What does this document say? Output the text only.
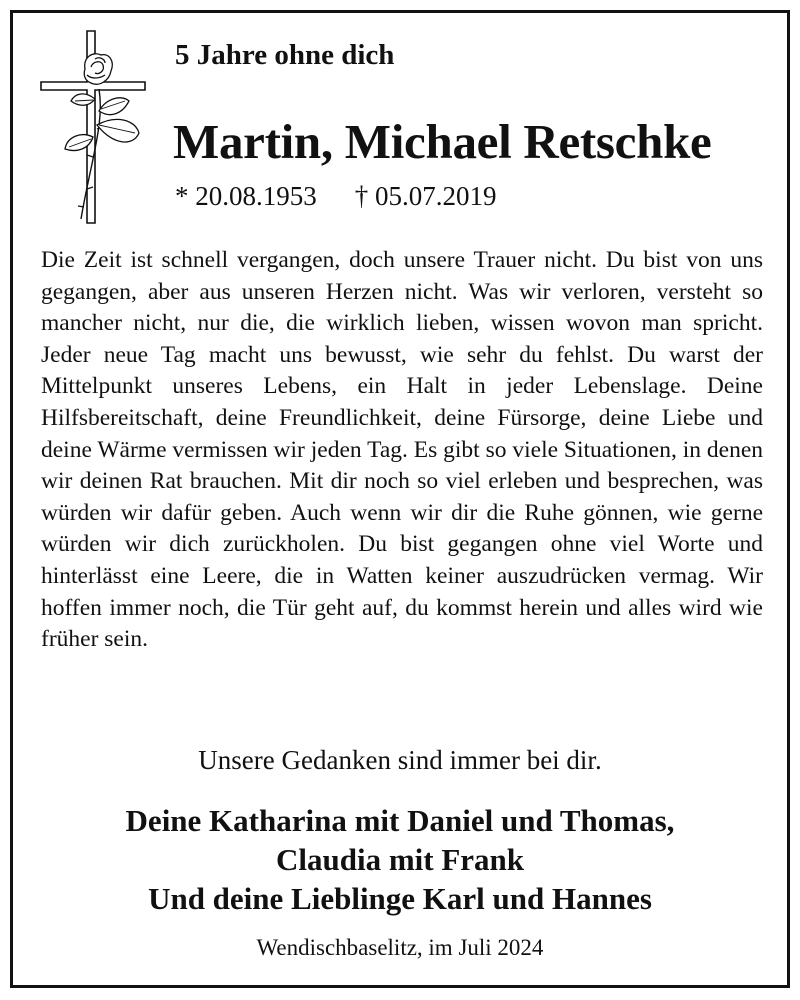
5 Jahre ohne dich
Martin, Michael Retschke
* 20.08.1953 † 05.07.2019
Die Zeit ist schnell vergangen, doch unsere Trauer nicht. Du bist von uns gegangen, aber aus unseren Herzen nicht. Was wir verloren, versteht so mancher nicht, nur die, die wirklich lieben, wissen wovon man spricht. Jeder neue Tag macht uns bewusst, wie sehr du fehlst. Du warst der Mittelpunkt unseres Lebens, ein Halt in jeder Lebenslage. Deine Hilfsbereitschaft, deine Freundlichkeit, deine Fürsorge, deine Liebe und deine Wärme vermissen wir jeden Tag. Es gibt so viele Situationen, in denen wir deinen Rat brauchen. Mit dir noch so viel erleben und besprechen, was würden wir dafür geben. Auch wenn wir dir die Ruhe gönnen, wie gerne würden wir dich zurückholen. Du bist gegangen ohne viel Worte und hinterlässt eine Leere, die in Watten keiner auszudrücken vermag. Wir hoffen immer noch, die Tür geht auf, du kommst herein und alles wird wie früher sein.
Unsere Gedanken sind immer bei dir.
Deine Katharina mit Daniel und Thomas,
Claudia mit Frank
Und deine Lieblinge Karl und Hannes
Wendischbaselitz, im Juli 2024
